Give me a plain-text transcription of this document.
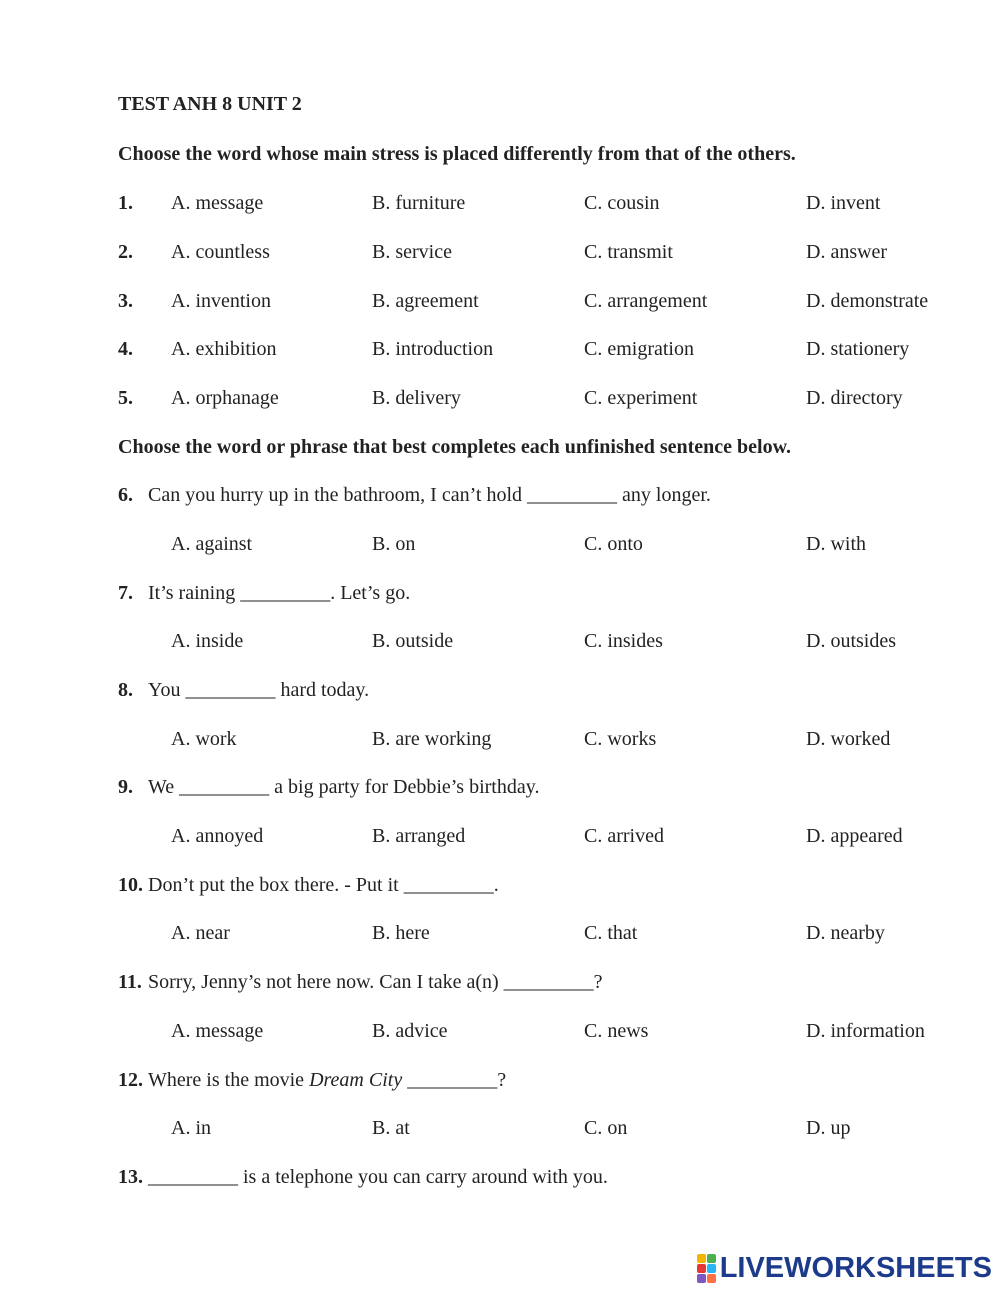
TEST ANH 8 UNIT 2
Choose the word whose main stress is placed differently from that of the others.
1. A. message	B. furniture	C. cousin	D. invent
2. A. countless	B. service	C. transmit	D. answer
3. A. invention	B. agreement	C. arrangement	D. demonstrate
4. A. exhibition	B. introduction	C. emigration	D. stationery
5. A. orphanage	B. delivery	C. experiment	D. directory
Choose the word or phrase that best completes each unfinished sentence below.
6. Can you hurry up in the bathroom, I can’t hold _________ any longer.
A. against	B. on	C. onto	D. with
7. It’s raining _________. Let’s go.
A. inside	B. outside	C. insides	D. outsides
8. You _________ hard today.
A. work	B. are working	C. works	D. worked
9. We _________ a big party for Debbie’s birthday.
A. annoyed	B. arranged	C. arrived	D. appeared
10. Don’t put the box there. - Put it _________.
A. near	B. here	C. that	D. nearby
11. Sorry, Jenny’s not here now. Can I take a(n) _________?
A. message	B. advice	C. news	D. information
12. Where is the movie Dream City _________?
A. in	B. at	C. on	D. up
13. _________ is a telephone you can carry around with you.
LIVEWORKSHEETS
